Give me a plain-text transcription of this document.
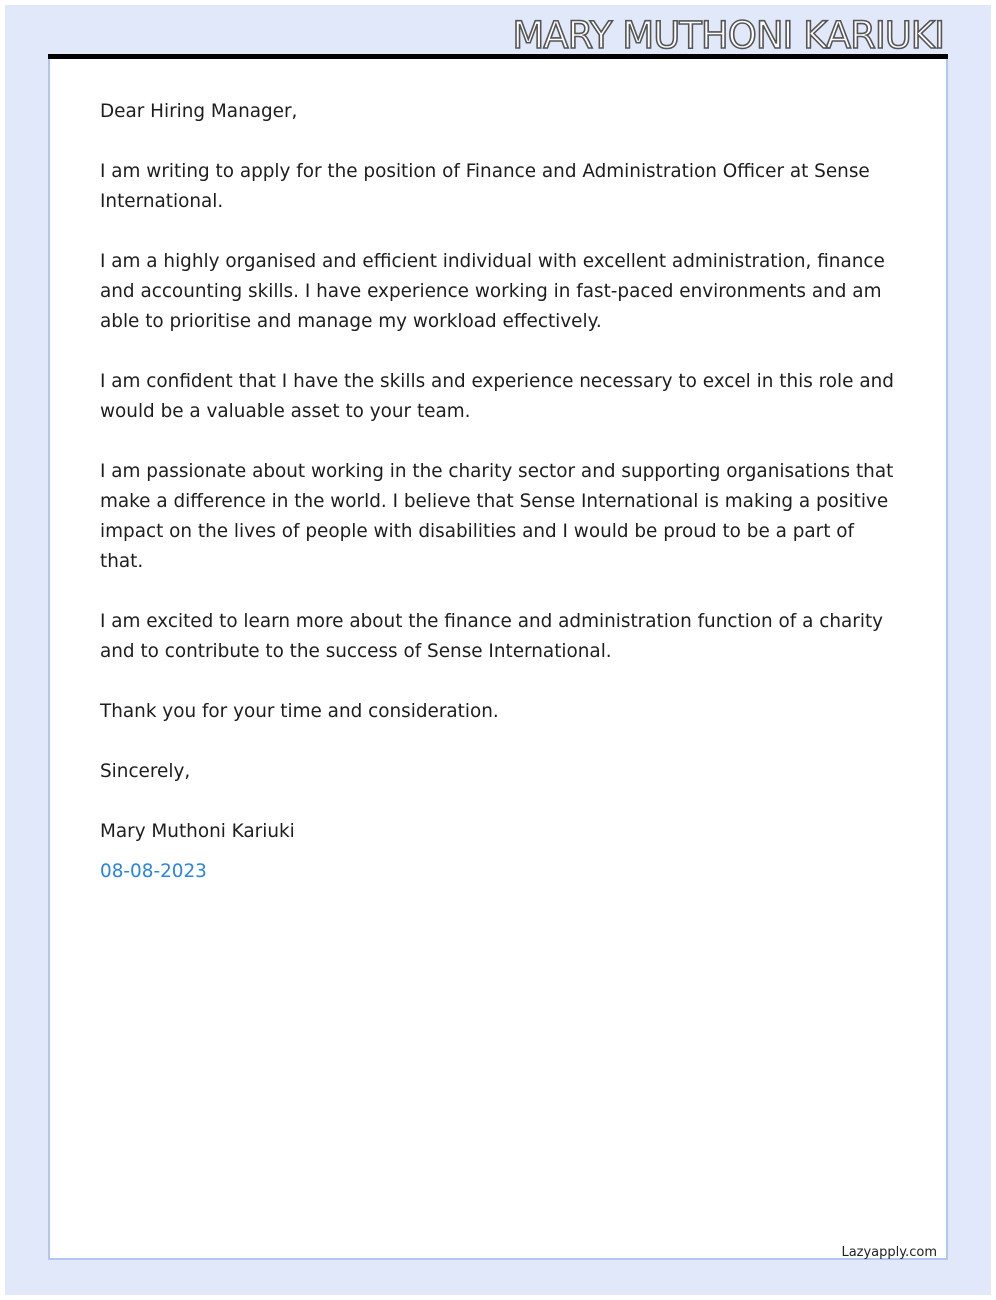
MARY MUTHONI KARIUKI

Dear Hiring Manager,

I am writing to apply for the position of Finance and Administration Officer at Sense International.

I am a highly organised and efficient individual with excellent administration, finance and accounting skills. I have experience working in fast-paced environments and am able to prioritise and manage my workload effectively.

I am confident that I have the skills and experience necessary to excel in this role and would be a valuable asset to your team.

I am passionate about working in the charity sector and supporting organisations that make a difference in the world. I believe that Sense International is making a positive impact on the lives of people with disabilities and I would be proud to be a part of that.

I am excited to learn more about the finance and administration function of a charity and to contribute to the success of Sense International.

Thank you for your time and consideration.

Sincerely,

Mary Muthoni Kariuki

08-08-2023

Lazyapply.com
